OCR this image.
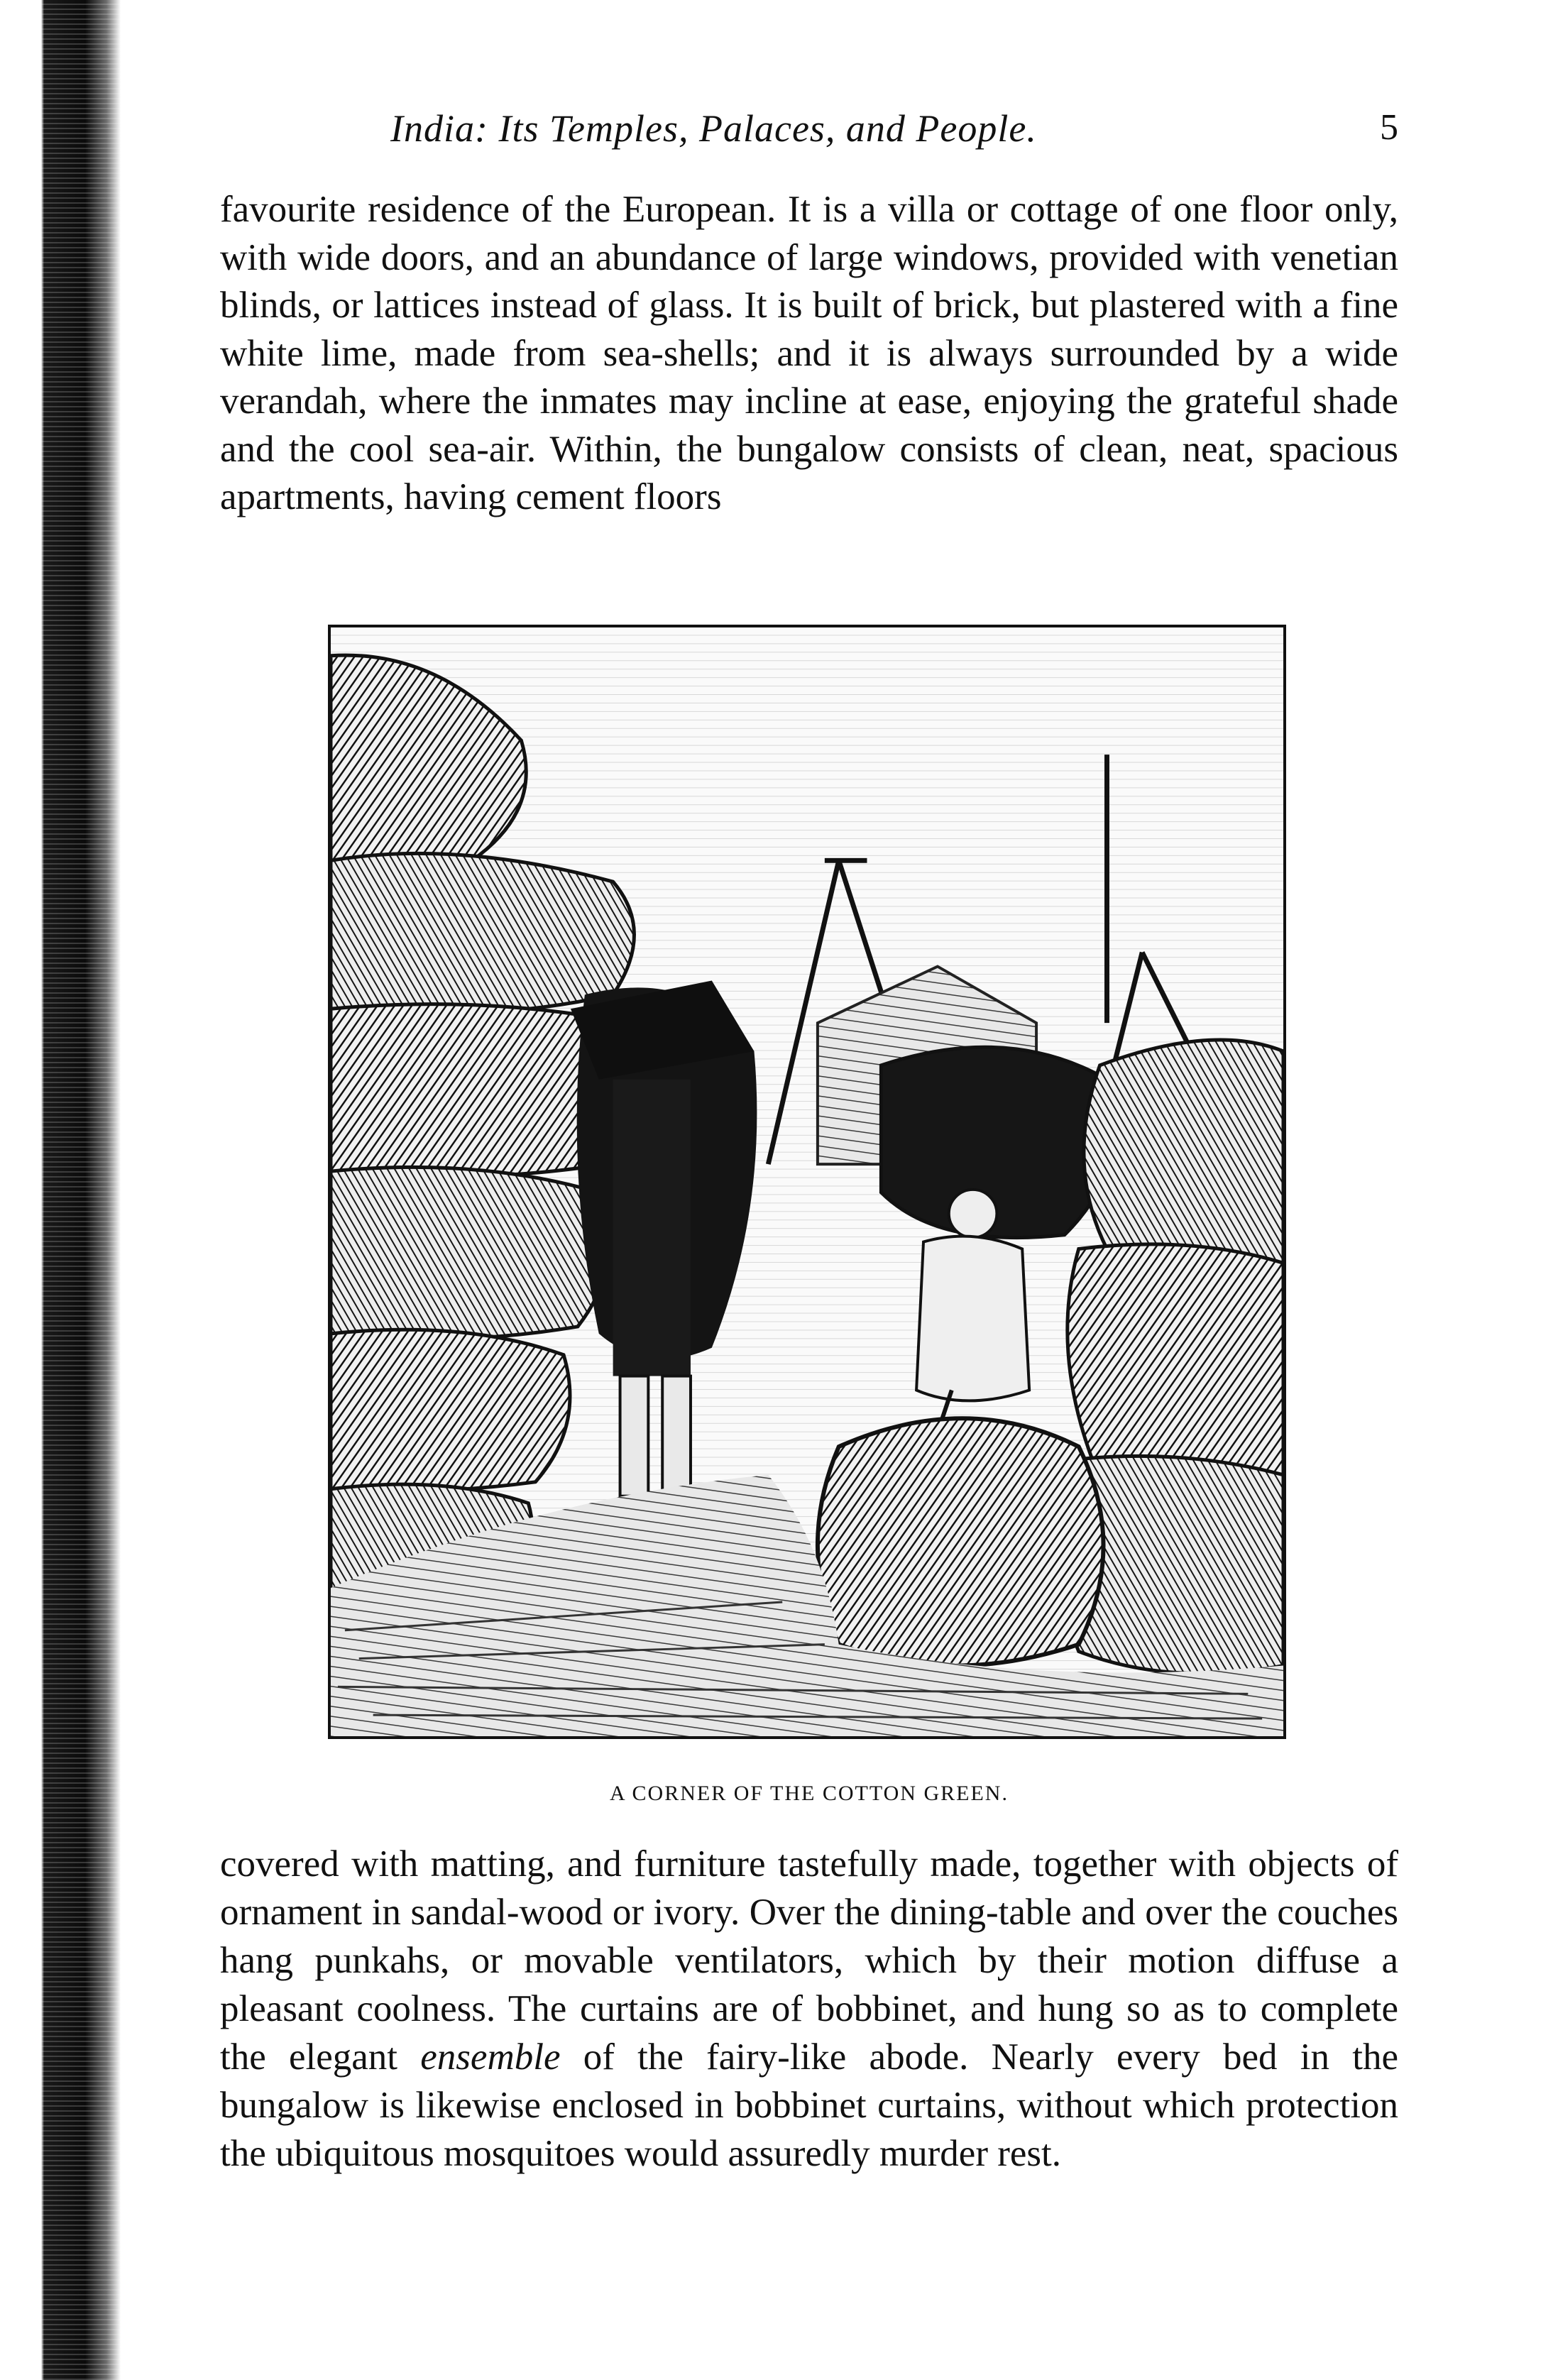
India: Its Temples, Palaces, and People.	5

favourite residence of the European. It is a villa or cottage of one floor only, with wide doors, and an abundance of large windows, provided with venetian blinds, or lattices instead of glass. It is built of brick, but plastered with a fine white lime, made from sea-shells; and it is always surrounded by a wide verandah, where the inmates may incline at ease, enjoying the grateful shade and the cool sea-air. Within, the bungalow consists of clean, neat, spacious apartments, having cement floors

A CORNER OF THE COTTON GREEN.

covered with matting, and furniture tastefully made, together with objects of ornament in sandal-wood or ivory. Over the dining-table and over the couches hang punkahs, or movable ventilators, which by their motion diffuse a pleasant coolness. The curtains are of bobbinet, and hung so as to complete the elegant ensemble of the fairy-like abode. Nearly every bed in the bungalow is likewise enclosed in bobbinet curtains, without which protection the ubiquitous mosquitoes would assuredly murder rest.
